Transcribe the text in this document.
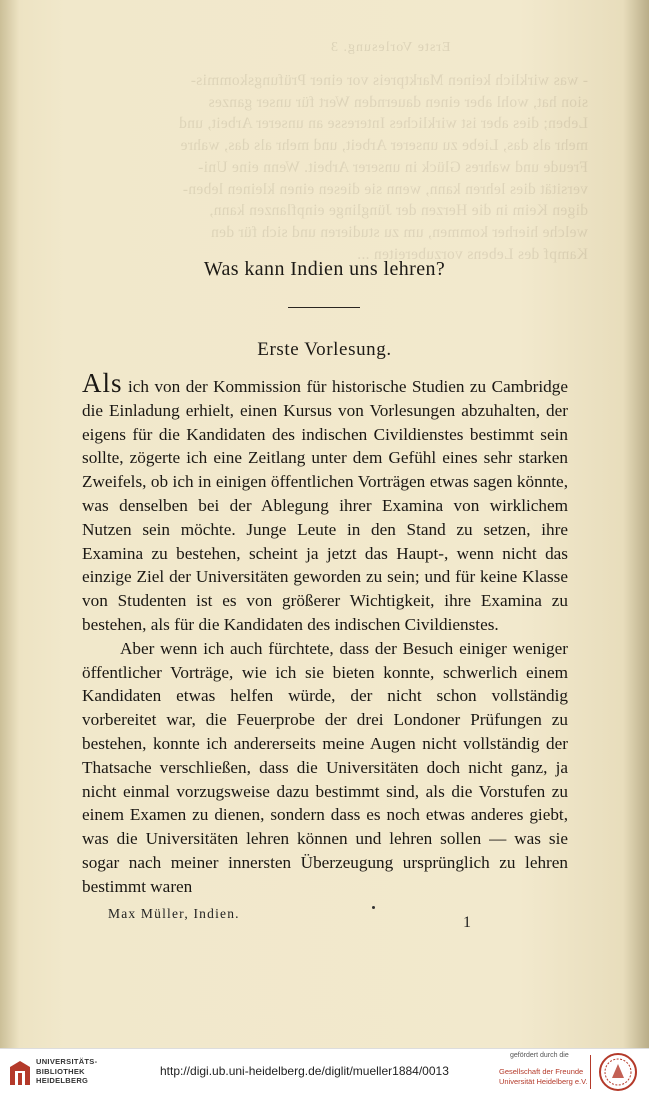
Erste Vorlesung. 3
- was wirklich keinen Marktpreis vor einer Prüfungskommis-
sion hat, wohl aber einen dauernden Wert für unser ganzes
Leben; dies aber ist wirkliches Interesse an unserer Arbeit, und
mehr als das, Liebe zu unserer Arbeit, und mehr als das, wahre
Freude und wahres Glück in unserer Arbeit. Wenn eine Uni-
versität dies lehren kann, wenn sie diesen einen kleinen leben-
digen Keim in die Herzen der Jünglinge einpflanzen kann,
welche hierher kommen, um zu studieren und sich für den
Kampf des Lebens vorzubereiten ...
Was kann Indien uns lehren?
Erste Vorlesung.

Als ich von der Kommission für historische Studien zu Cambridge die Einladung erhielt, einen Kursus von Vorlesungen abzuhalten, der eigens für die Kandidaten des indischen Civildienstes bestimmt sein sollte, zögerte ich eine Zeitlang unter dem Gefühl eines sehr starken Zweifels, ob ich in einigen öffentlichen Vorträgen etwas sagen könnte, was denselben bei der Ablegung ihrer Examina von wirklichem Nutzen sein möchte. Junge Leute in den Stand zu setzen, ihre Examina zu bestehen, scheint ja jetzt das Haupt-, wenn nicht das einzige Ziel der Universitäten geworden zu sein; und für keine Klasse von Studenten ist es von größerer Wichtigkeit, ihre Examina zu bestehen, als für die Kandidaten des indischen Civildienstes.

Aber wenn ich auch fürchtete, dass der Besuch einiger weniger öffentlicher Vorträge, wie ich sie bieten konnte, schwerlich einem Kandidaten etwas helfen würde, der nicht schon vollständig vorbereitet war, die Feuerprobe der drei Londoner Prüfungen zu bestehen, konnte ich andererseits meine Augen nicht vollständig der Thatsache verschließen, dass die Universitäten doch nicht ganz, ja nicht einmal vorzugsweise dazu bestimmt sind, als die Vorstufen zu einem Examen zu dienen, sondern dass es noch etwas anderes giebt, was die Universitäten lehren können und lehren sollen — was sie sogar nach meiner innersten Überzeugung ursprünglich zu lehren bestimmt waren

Max Müller, Indien.
1
UNIVERSITÄTS-
BIBLIOTHEK
HEIDELBERG
http://digi.ub.uni-heidelberg.de/diglit/mueller1884/0013
gefördert durch die
Gesellschaft der Freunde
Universität Heidelberg e.V.
